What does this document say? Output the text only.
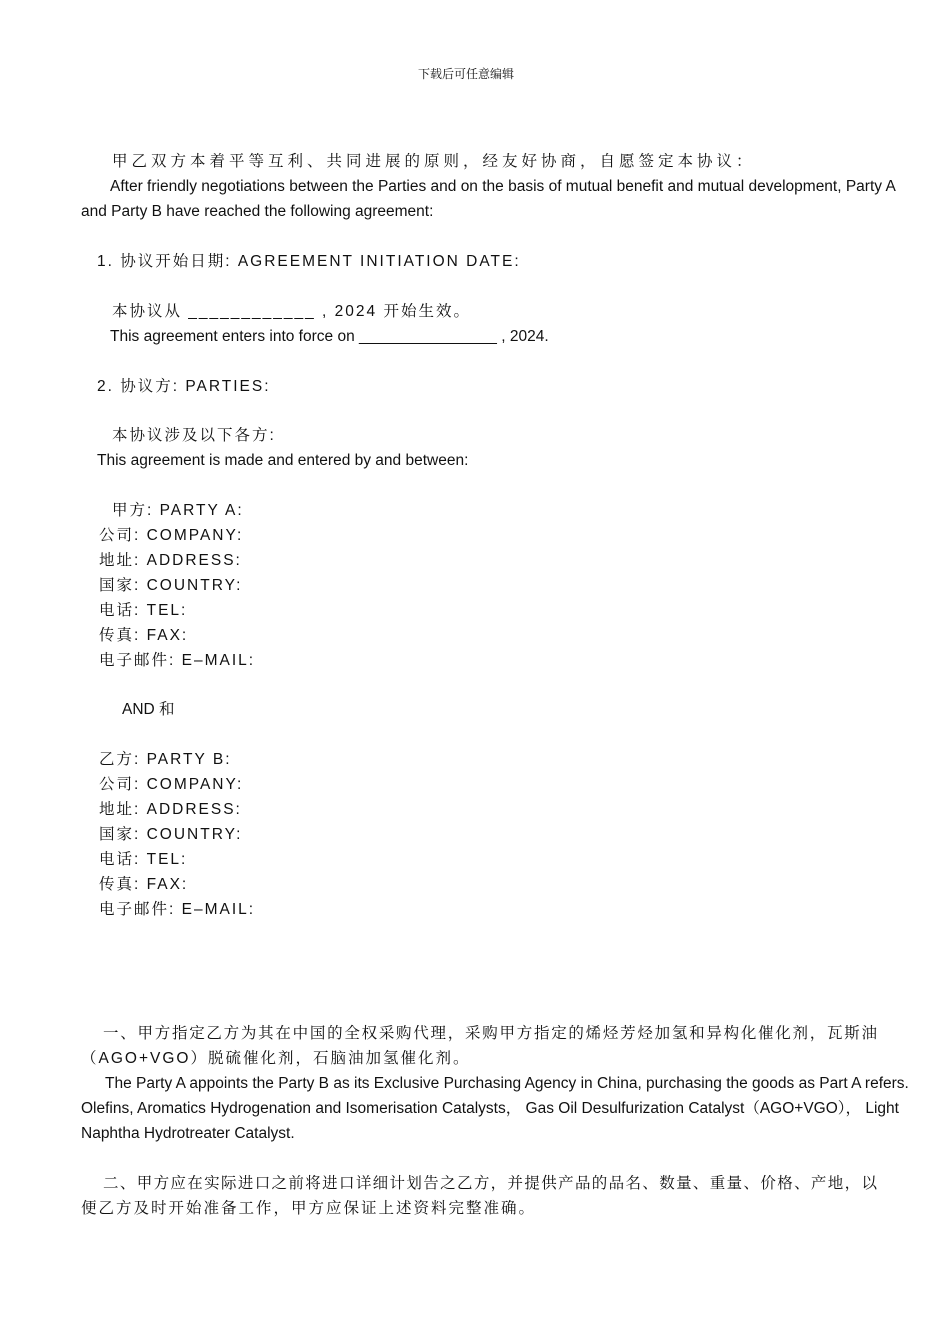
下载后可任意编辑
甲乙双方本着平等互利、共同进展的原则，经友好协商，自愿签定本协议：
After friendly negotiations between the Parties and on the basis of mutual benefit and mutual development, Party A
and Party B have reached the following agreement:
1. 协议开始日期: AGREEMENT INITIATION DATE:
本协议从 ____________ , 2024 开始生效。
This agreement enters into force on ________________ , 2024.
2. 协议方: PARTIES:
本协议涉及以下各方:
This agreement is made and entered by and between:
甲方: PARTY A:
公司: COMPANY:
地址: ADDRESS:
国家: COUNTRY:
电话: TEL:
传真: FAX:
电子邮件: E–MAIL:
AND 和
乙方: PARTY B:
公司: COMPANY:
地址: ADDRESS:
国家: COUNTRY:
电话: TEL:
传真: FAX:
电子邮件: E–MAIL:
一、甲方指定乙方为其在中国的全权采购代理，采购甲方指定的烯烃芳烃加氢和异构化催化剂，瓦斯油
（AGO+VGO）脱硫催化剂，石脑油加氢催化剂。
The Party A appoints the Party B as its Exclusive Purchasing Agency in China, purchasing the goods as Part A refers.
Olefins, Aromatics Hydrogenation and Isomerisation Catalysts， Gas Oil Desulfurization Catalyst（AGO+VGO）， Light
Naphtha Hydrotreater Catalyst.
二、甲方应在实际进口之前将进口详细计划告之乙方，并提供产品的品名、数量、重量、价格、产地，以
便乙方及时开始准备工作，甲方应保证上述资料完整准确。
